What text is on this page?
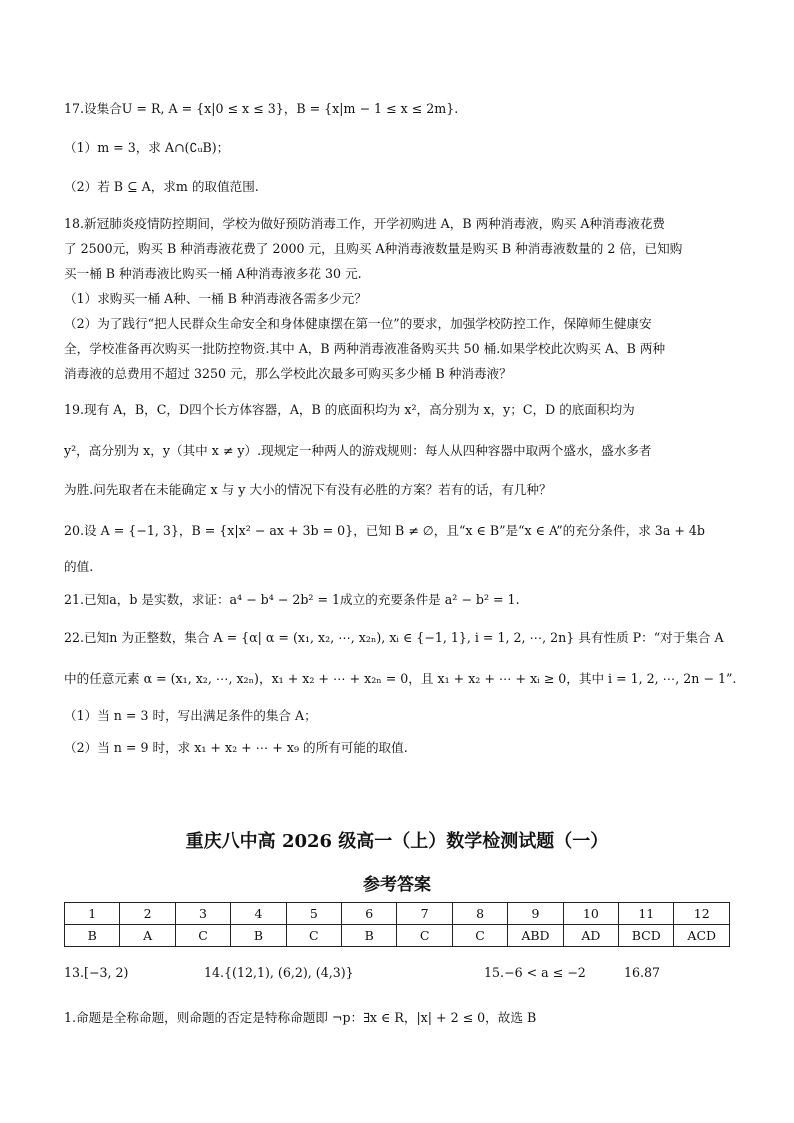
17.设集合U = R, A = {x|0 ≤ x ≤ 3}，B = {x|m − 1 ≤ x ≤ 2m}.
（1）m = 3，求 A∩(∁ᵤB)；
（2）若 B ⊆ A，求m 的取值范围.
18.新冠肺炎疫情防控期间，学校为做好预防消毒工作，开学初购进 A，B 两种消毒液，购买 A种消毒液花费
了 2500元，购买 B 种消毒液花费了 2000 元，且购买 A种消毒液数量是购买 B 种消毒液数量的 2 倍，已知购
买一桶 B 种消毒液比购买一桶 A种消毒液多花 30 元.
（1）求购买一桶 A种、一桶 B 种消毒液各需多少元？
（2）为了践行“把人民群众生命安全和身体健康摆在第一位”的要求，加强学校防控工作，保障师生健康安
全，学校准备再次购买一批防控物资.其中 A，B 两种消毒液准备购买共 50 桶.如果学校此次购买 A、B 两种
消毒液的总费用不超过 3250 元，那么学校此次最多可购买多少桶 B 种消毒液？
19.现有 A，B，C，D四个长方体容器，A，B 的底面积均为 x²，高分别为 x，y；C，D 的底面积均为
y²，高分别为 x，y（其中 x ≠ y）.现规定一种两人的游戏规则：每人从四种容器中取两个盛水，盛水多者
为胜.问先取者在未能确定 x 与 y 大小的情况下有没有必胜的方案？若有的话，有几种？
20.设 A = {−1, 3}，B = {x|x² − ax + 3b = 0}，已知 B ≠ ∅，且“x ∈ B”是“x ∈ A”的充分条件，求 3a + 4b
的值.
21.已知a，b 是实数，求证：a⁴ − b⁴ − 2b² = 1成立的充要条件是 a² − b² = 1.
22.已知n 为正整数，集合 A = {α| α = (x₁, x₂, ⋯, x₂ₙ), xᵢ ∈ {−1, 1}, i = 1, 2, ⋯, 2n} 具有性质 P：“对于集合 A
中的任意元素 α = (x₁, x₂, ⋯, x₂ₙ)，x₁ + x₂ + ⋯ + x₂ₙ = 0，且 x₁ + x₂ + ⋯ + xᵢ ≥ 0，其中 i = 1, 2, ⋯, 2n − 1”.
（1）当 n = 3 时，写出满足条件的集合 A；
（2）当 n = 9 时，求 x₁ + x₂ + ⋯ + x₉ 的所有可能的取值.
重庆八中高 2026 级高一（上）数学检测试题（一）
参考答案
1	2	3	4	5	6	7	8	9	10	11	12
B	A	C	B	C	B	C	C	ABD	AD	BCD	ACD
13.[−3, 2)	14.{(12,1), (6,2), (4,3)}	15.−6 < a ≤ −2	16.87
1.命题是全称命题，则命题的否定是特称命题即 ¬p：∃x ∈ R，|x| + 2 ≤ 0，故选 B
